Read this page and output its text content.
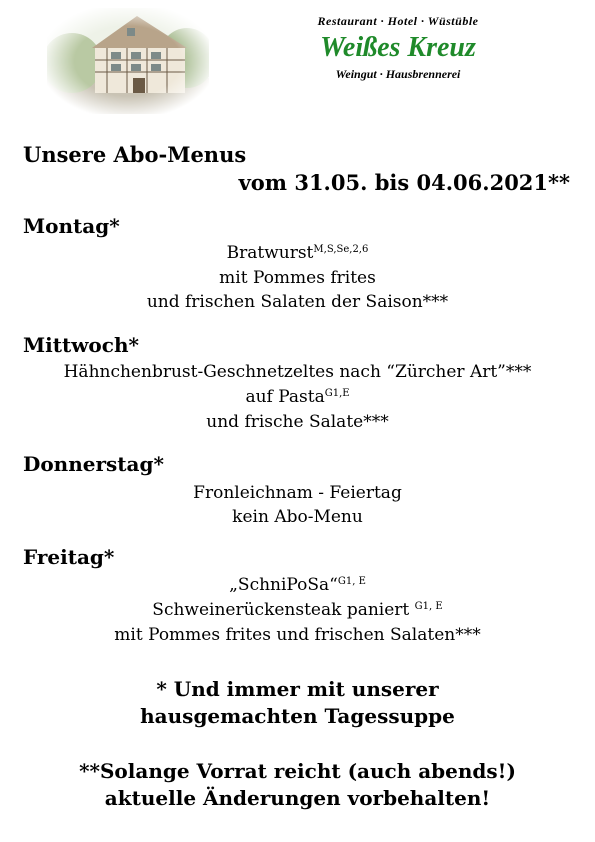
Restaurant · Hotel · Wüstüble
Weißes Kreuz
Weingut · Hausbrennerei
Unsere Abo-Menus
vom 31.05. bis 04.06.2021**
Montag*
Bratwurst$^{M,S,Se,2,6}$
mit Pommes frites
und frischen Salaten der Saison***
Mittwoch*
Hähnchenbrust-Geschnetzeltes nach “Zürcher Art”***
auf Pasta$^{G1,E}$
und frische Salate***
Donnerstag*
Fronleichnam - Feiertag
kein Abo-Menu
Freitag*
„SchniPoSa“$^{G1, E}$
Schweinerückensteak paniert $^{G1, E}$
mit Pommes frites und frischen Salaten***
* Und immer mit unserer
hausgemachten Tagessuppe
**Solange Vorrat reicht (auch abends!)
aktuelle Änderungen vorbehalten!
